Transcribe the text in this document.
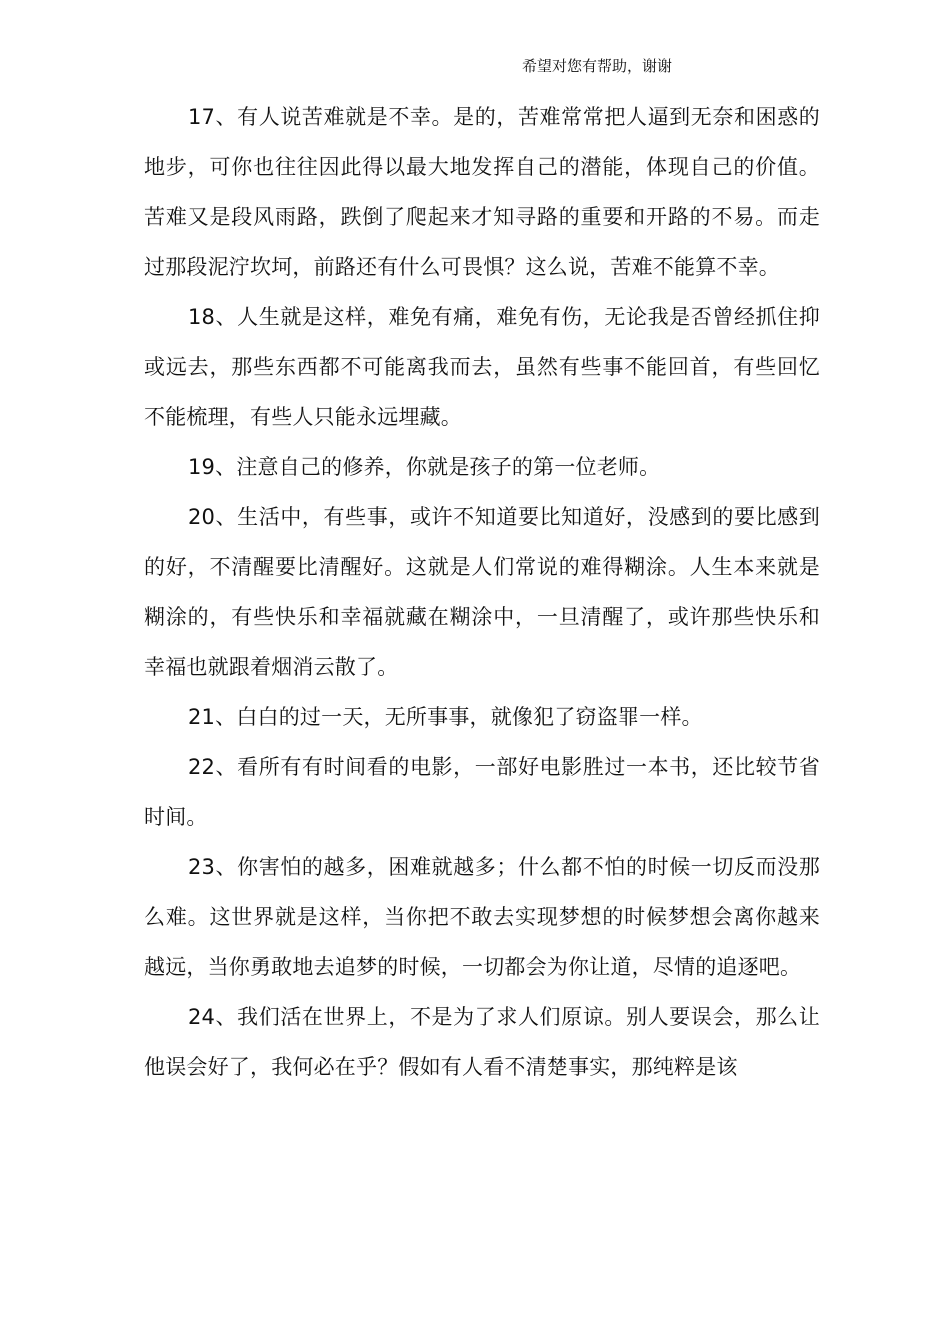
希望对您有帮助，谢谢

17、有人说苦难就是不幸。是的，苦难常常把人逼到无奈和困惑的地步，可你也往往因此得以最大地发挥自己的潜能，体现自己的价值。苦难又是段风雨路，跌倒了爬起来才知寻路的重要和开路的不易。而走过那段泥泞坎坷，前路还有什么可畏惧？这么说，苦难不能算不幸。

18、人生就是这样，难免有痛，难免有伤，无论我是否曾经抓住抑或远去，那些东西都不可能离我而去，虽然有些事不能回首，有些回忆不能梳理，有些人只能永远埋藏。

19、注意自己的修养，你就是孩子的第一位老师。

20、生活中，有些事，或许不知道要比知道好，没感到的要比感到的好，不清醒要比清醒好。这就是人们常说的难得糊涂。人生本来就是糊涂的，有些快乐和幸福就藏在糊涂中，一旦清醒了，或许那些快乐和幸福也就跟着烟消云散了。

21、白白的过一天，无所事事，就像犯了窃盗罪一样。

22、看所有有时间看的电影，一部好电影胜过一本书，还比较节省时间。

23、你害怕的越多，困难就越多；什么都不怕的时候一切反而没那么难。这世界就是这样，当你把不敢去实现梦想的时候梦想会离你越来越远，当你勇敢地去追梦的时候，一切都会为你让道，尽情的追逐吧。

24、我们活在世界上，不是为了求人们原谅。别人要误会，那么让他误会好了，我何必在乎？假如有人看不清楚事实，那纯粹是该
